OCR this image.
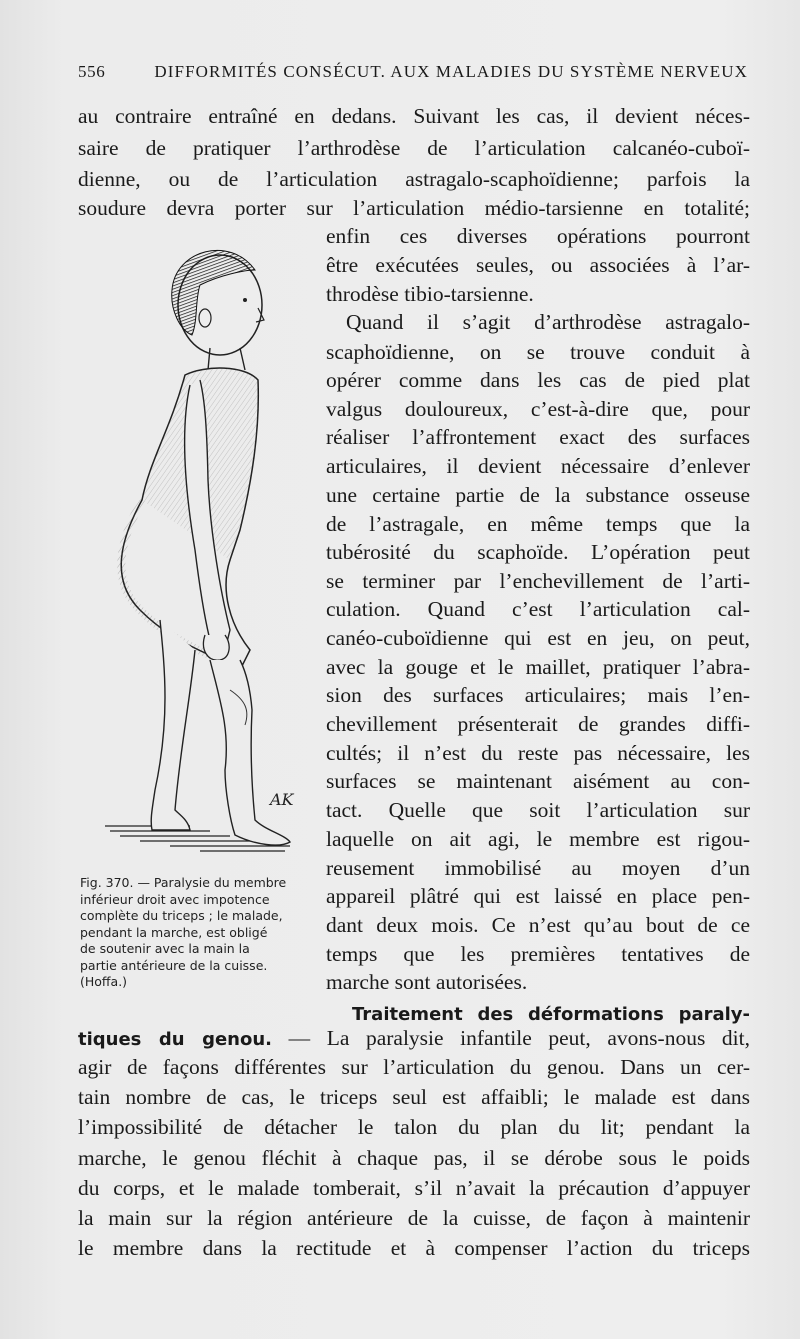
556	DIFFORMITÉS CONSÉCUT. AUX MALADIES DU SYSTÈME NERVEUX
au contraire entraîné en dedans. Suivant les cas, il devient néces-
saire de pratiquer l’arthrodèse de l’articulation calcanéo-cuboï-
dienne, ou de l’articulation astragalo-scaphoïdienne; parfois la
soudure devra porter sur l’articulation médio-tarsienne en totalité;
enfin ces diverses opérations pourront
être exécutées seules, ou associées à l’ar-
throdèse tibio-tarsienne.
Quand il s’agit d’arthrodèse astragalo-
scaphoïdienne, on se trouve conduit à
opérer comme dans les cas de pied plat
valgus douloureux, c’est-à-dire que, pour
réaliser l’affrontement exact des surfaces
articulaires, il devient nécessaire d’enlever
une certaine partie de la substance osseuse
de l’astragale, en même temps que la
tubérosité du scaphoïde. L’opération peut
se terminer par l’enchevillement de l’arti-
culation. Quand c’est l’articulation cal-
canéo-cuboïdienne qui est en jeu, on peut,
avec la gouge et le maillet, pratiquer l’abra-
sion des surfaces articulaires; mais l’en-
chevillement présenterait de grandes diffi-
cultés; il n’est du reste pas nécessaire, les
surfaces se maintenant aisément au con-
tact. Quelle que soit l’articulation sur
laquelle on ait agi, le membre est rigou-
reusement immobilisé au moyen d’un
appareil plâtré qui est laissé en place pen-
dant deux mois. Ce n’est qu’au bout de ce
temps que les premières tentatives de
marche sont autorisées.
Traitement des déformations paraly-
tiques du genou. — La paralysie infantile peut, avons-nous dit,
agir de façons différentes sur l’articulation du genou. Dans un cer-
tain nombre de cas, le triceps seul est affaibli; le malade est dans
l’impossibilité de détacher le talon du plan du lit; pendant la
marche, le genou fléchit à chaque pas, il se dérobe sous le poids
du corps, et le malade tomberait, s’il n’avait la précaution d’appuyer
la main sur la région antérieure de la cuisse, de façon à maintenir
le membre dans la rectitude et à compenser l’action du triceps
AK
Fig. 370. — Paralysie du membre
inférieur droit avec impotence
complète du triceps ; le malade,
pendant la marche, est obligé
de soutenir avec la main la
partie antérieure de la cuisse.
(Hoffa.)
